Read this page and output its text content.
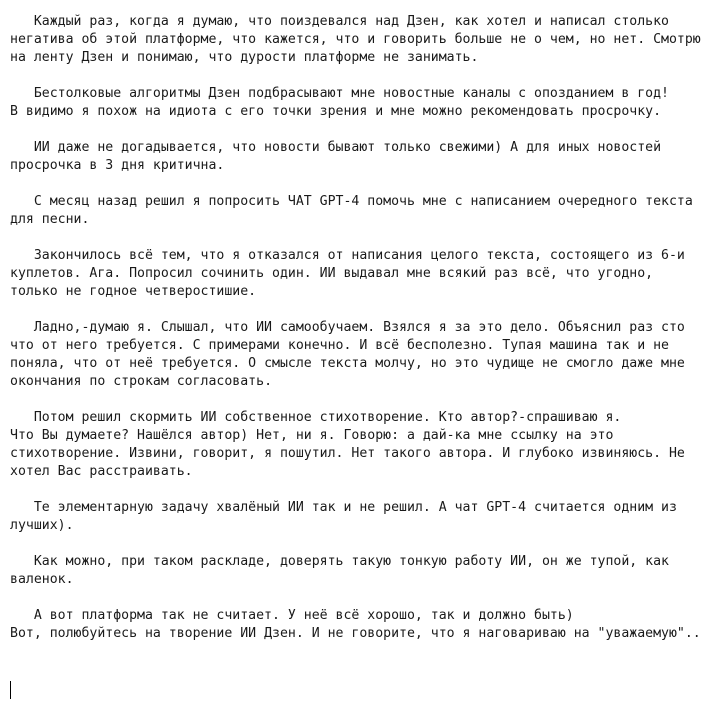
Каждый раз, когда я думаю, что поиздевался над Дзен, как хотел и написал столько
негатива об этой платформе, что кажется, что и говорить больше не о чем, но нет. Смотрю
на ленту Дзен и понимаю, что дурости платформе не занимать.

Бестолковые алгоритмы Дзен подбрасывают мне новостные каналы с опозданием в год!
В видимо я похож на идиота с его точки зрения и мне можно рекомендовать просрочку.

ИИ даже не догадывается, что новости бывают только свежими) А для иных новостей
просрочка в 3 дня критична.

С месяц назад решил я попросить ЧАТ GPT-4 помочь мне с написанием очередного текста
для песни.

Закончилось всё тем, что я отказался от написания целого текста, состоящего из 6-и
куплетов. Ага. Попросил сочинить один. ИИ выдавал мне всякий раз всё, что угодно,
только не годное четверостишие.

Ладно,-думаю я. Слышал, что ИИ самообучаем. Взялся я за это дело. Объяснил раз сто
что от него требуется. С примерами конечно. И всё бесполезно. Тупая машина так и не
поняла, что от неё требуется. О смысле текста молчу, но это чудище не смогло даже мне
окончания по строкам согласовать.

Потом решил скормить ИИ собственное стихотворение. Кто автор?-спрашиваю я.
Что Вы думаете? Нашёлся автор) Нет, ни я. Говорю: а дай-ка мне ссылку на это
стихотворение. Извини, говорит, я пошутил. Нет такого автора. И глубоко извиняюсь. Не
хотел Вас расстраивать.

Те элементарную задачу хвалёный ИИ так и не решил. А чат GPT-4 считается одним из
лучших).

Как можно, при таком раскладе, доверять такую тонкую работу ИИ, он же тупой, как
валенок.

А вот платформа так не считает. У неё всё хорошо, так и должно быть)
Вот, полюбуйтесь на творение ИИ Дзен. И не говорите, что я наговариваю на "уважаемую"..
